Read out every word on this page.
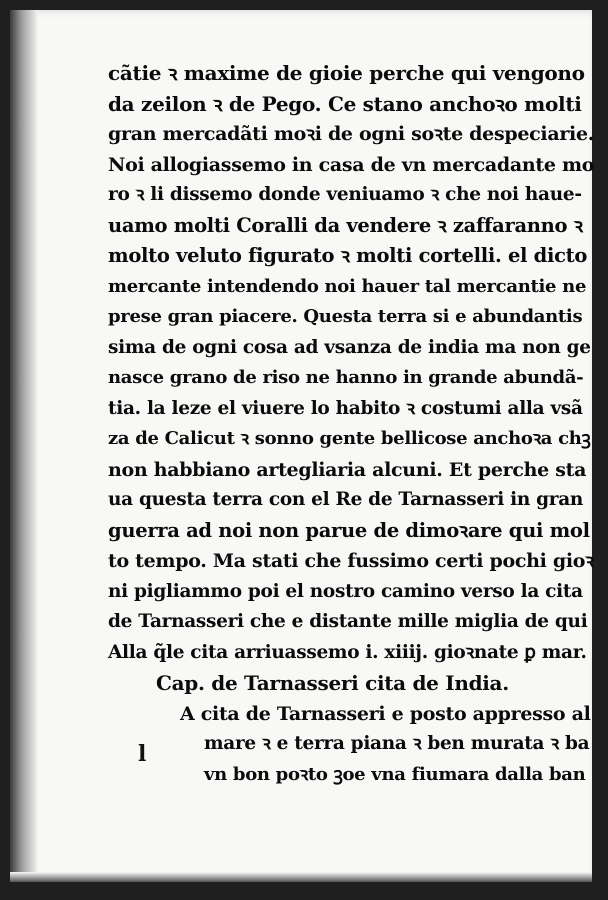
cãtie ꝛ maxime de gioie perche qui vengono
da zeilon ꝛ de Pego. Ce stano anchoꝛo molti
gran mercadãti moꝛi de ogni soꝛte despeciarie.
Noi allogiassemo in casa de vn mercadante mo
ro ꝛ li dissemo donde veniuamo ꝛ che noi haue-
uamo molti Coralli da vendere ꝛ zaffaranno ꝛ
molto veluto figurato ꝛ molti cortelli. el dicto
mercante intendendo noi hauer tal mercantie ne
prese gran piacere. Questa terra si e abundantis
sima de ogni cosa ad vsanza de india ma non ge
nasce grano de riso ne hanno in grande abundã-
tia. la leze el viuere lo habito ꝛ costumi alla vsã
za de Calicut ꝛ sonno gente bellicose anchoꝛa chꝫ
non habbiano artegliaria alcuni. Et perche sta
ua questa terra con el Re de Tarnasseri in gran
guerra ad noi non parue de dimoꝛare qui mol
to tempo. Ma stati che fussimo certi pochi gioꝛ
ni pigliammo poi el nostro camino verso la cita
de Tarnasseri che e distante mille miglia de qui
Alla q̃le cita arriuassemo i. xiiij. gioꝛnate ꝑ mar.
Cap. de Tarnasseri cita de India.
A cita de Tarnasseri e posto appresso al
mare ꝛ e terra piana ꝛ ben murata ꝛ ba
vn bon poꝛto ꝫoe vna fiumara dalla ban
l
